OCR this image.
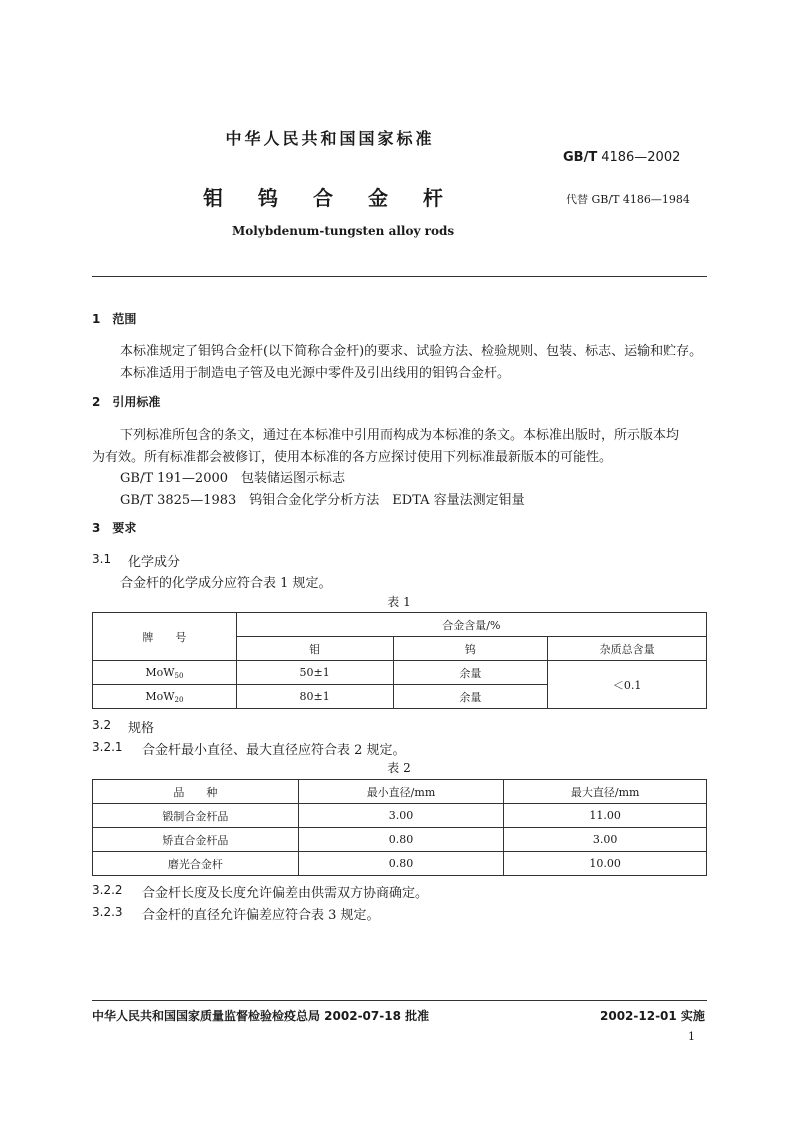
中华人民共和国国家标准
GB/T 4186—2002
钼 钨 合 金 杆	代替 GB/T 4186—1984
Molybdenum-tungsten alloy rods
1　范围
本标准规定了钼钨合金杆(以下简称合金杆)的要求、试验方法、检验规则、包装、标志、运输和贮存。
本标准适用于制造电子管及电光源中零件及引出线用的钼钨合金杆。
2　引用标准
下列标准所包含的条文，通过在本标准中引用而构成为本标准的条文。本标准出版时，所示版本均
为有效。所有标准都会被修订，使用本标准的各方应探讨使用下列标准最新版本的可能性。
GB/T 191—2000　包装储运图示标志
GB/T 3825—1983　钨钼合金化学分析方法　EDTA 容量法测定钼量
3　要求
3.1 化学成分
合金杆的化学成分应符合表 1 规定。
表 1
牌　　号	合金含量/%		
	钼	钨	杂质总含量
MoW$_{50}$	50±1	余量	＜0.1
MoW$_{20}$	80±1	余量	
3.2 规格
3.2.1 合金杆最小直径、最大直径应符合表 2 规定。
表 2
品　　种	最小直径/mm	最大直径/mm
锻制合金杆品	3.00	11.00
矫直合金杆品	0.80	3.00
磨光合金杆	0.80	10.00
3.2.2 合金杆长度及长度允许偏差由供需双方协商确定。
3.2.3 合金杆的直径允许偏差应符合表 3 规定。
中华人民共和国国家质量监督检验检疫总局 2002-07-18 批准	2002-12-01 实施
1
